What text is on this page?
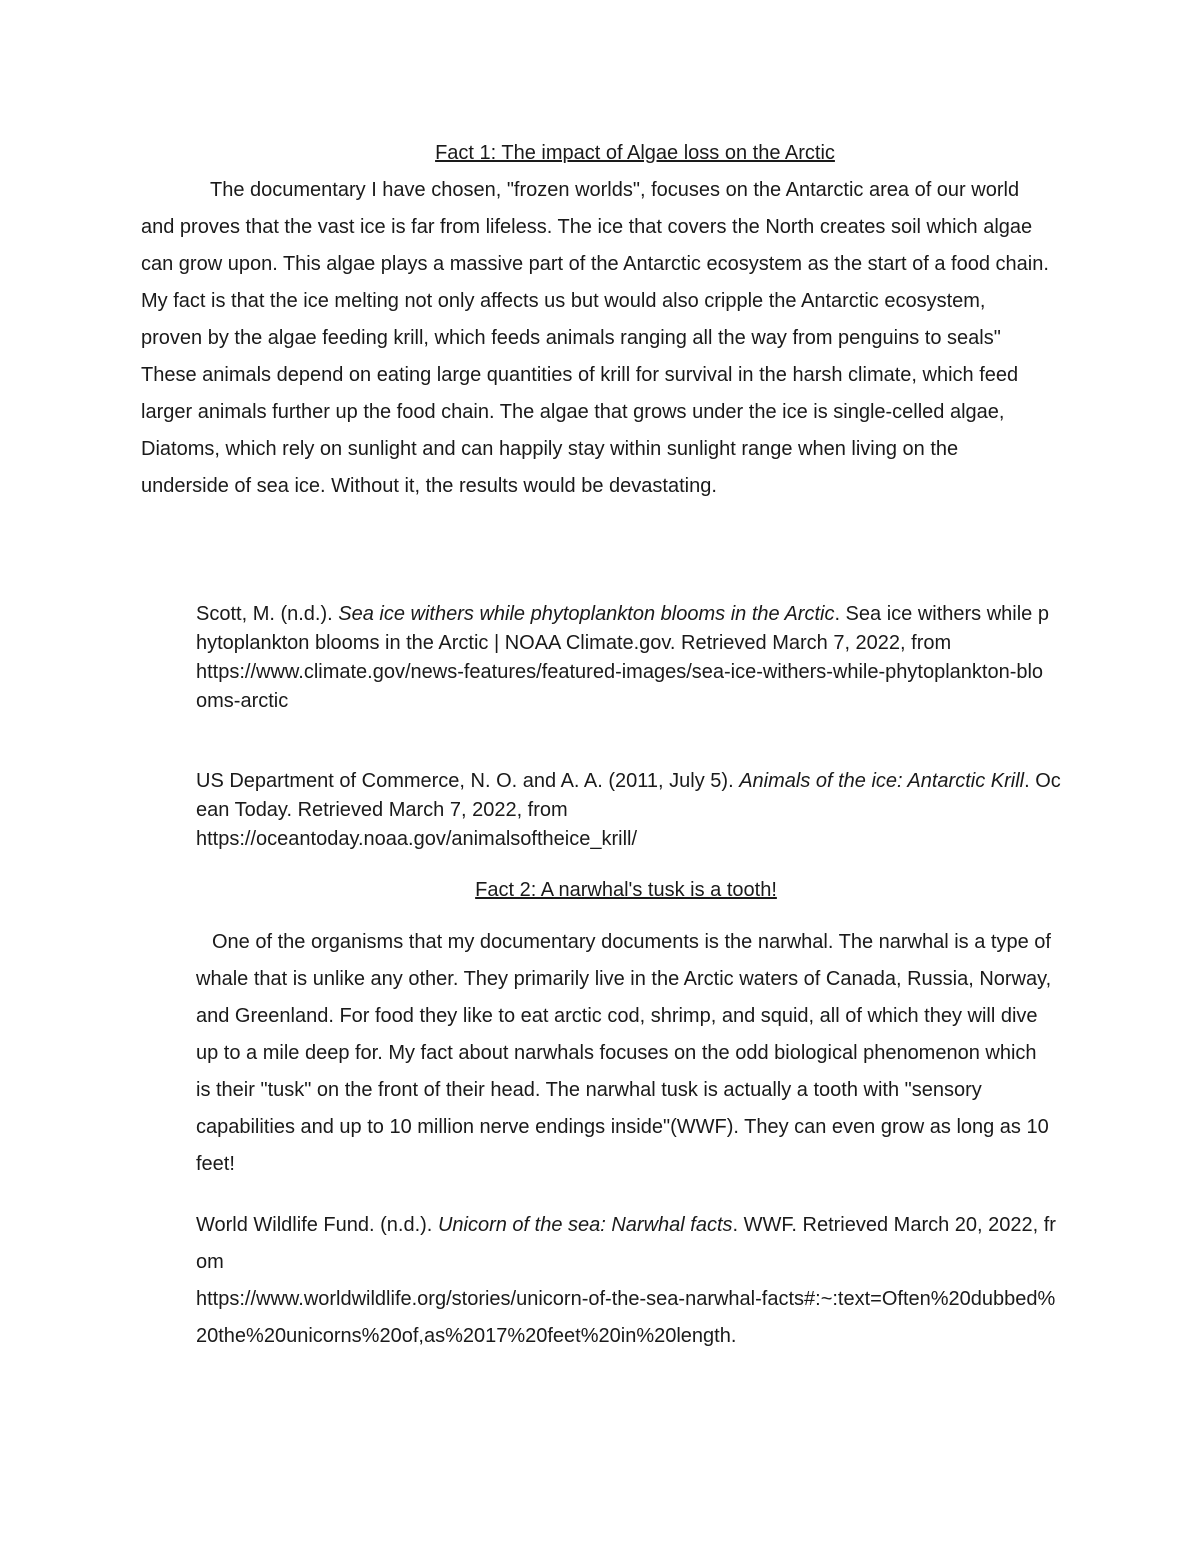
Fact 1: The impact of Algae loss on the Arctic

The documentary I have chosen, "frozen worlds", focuses on the Antarctic area of our world and proves that the vast ice is far from lifeless. The ice that covers the North creates soil which algae can grow upon. This algae plays a massive part of the Antarctic ecosystem as the start of a food chain. My fact is that the ice melting not only affects us but would also cripple the Antarctic ecosystem, proven by the algae feeding krill, which feeds animals ranging all the way from penguins to seals" These animals depend on eating large quantities of krill for survival in the harsh climate, which feed larger animals further up the food chain. The algae that grows under the ice is single-celled algae, Diatoms, which rely on sunlight and can happily stay within sunlight range when living on the underside of sea ice. Without it, the results would be devastating.

Scott, M. (n.d.). Sea ice withers while phytoplankton blooms in the Arctic. Sea ice withers while phytoplankton blooms in the Arctic | NOAA Climate.gov. Retrieved March 7, 2022, from
https://www.climate.gov/news-features/featured-images/sea-ice-withers-while-phytoplankton-blooms-arctic

US Department of Commerce, N. O. and A. A. (2011, July 5). Animals of the ice: Antarctic Krill. Ocean Today. Retrieved March 7, 2022, from
https://oceantoday.noaa.gov/animalsoftheice_krill/

Fact 2: A narwhal's tusk is a tooth!

One of the organisms that my documentary documents is the narwhal. The narwhal is a type of whale that is unlike any other. They primarily live in the Arctic waters of Canada, Russia, Norway, and Greenland. For food they like to eat arctic cod, shrimp, and squid, all of which they will dive up to a mile deep for. My fact about narwhals focuses on the odd biological phenomenon which is their "tusk" on the front of their head. The narwhal tusk is actually a tooth with "sensory capabilities and up to 10 million nerve endings inside"(WWF). They can even grow as long as 10 feet!

World Wildlife Fund. (n.d.). Unicorn of the sea: Narwhal facts. WWF. Retrieved March 20, 2022, from
https://www.worldwildlife.org/stories/unicorn-of-the-sea-narwhal-facts#:~:text=Often%20dubbed%20the%20unicorns%20of,as%2017%20feet%20in%20length.
